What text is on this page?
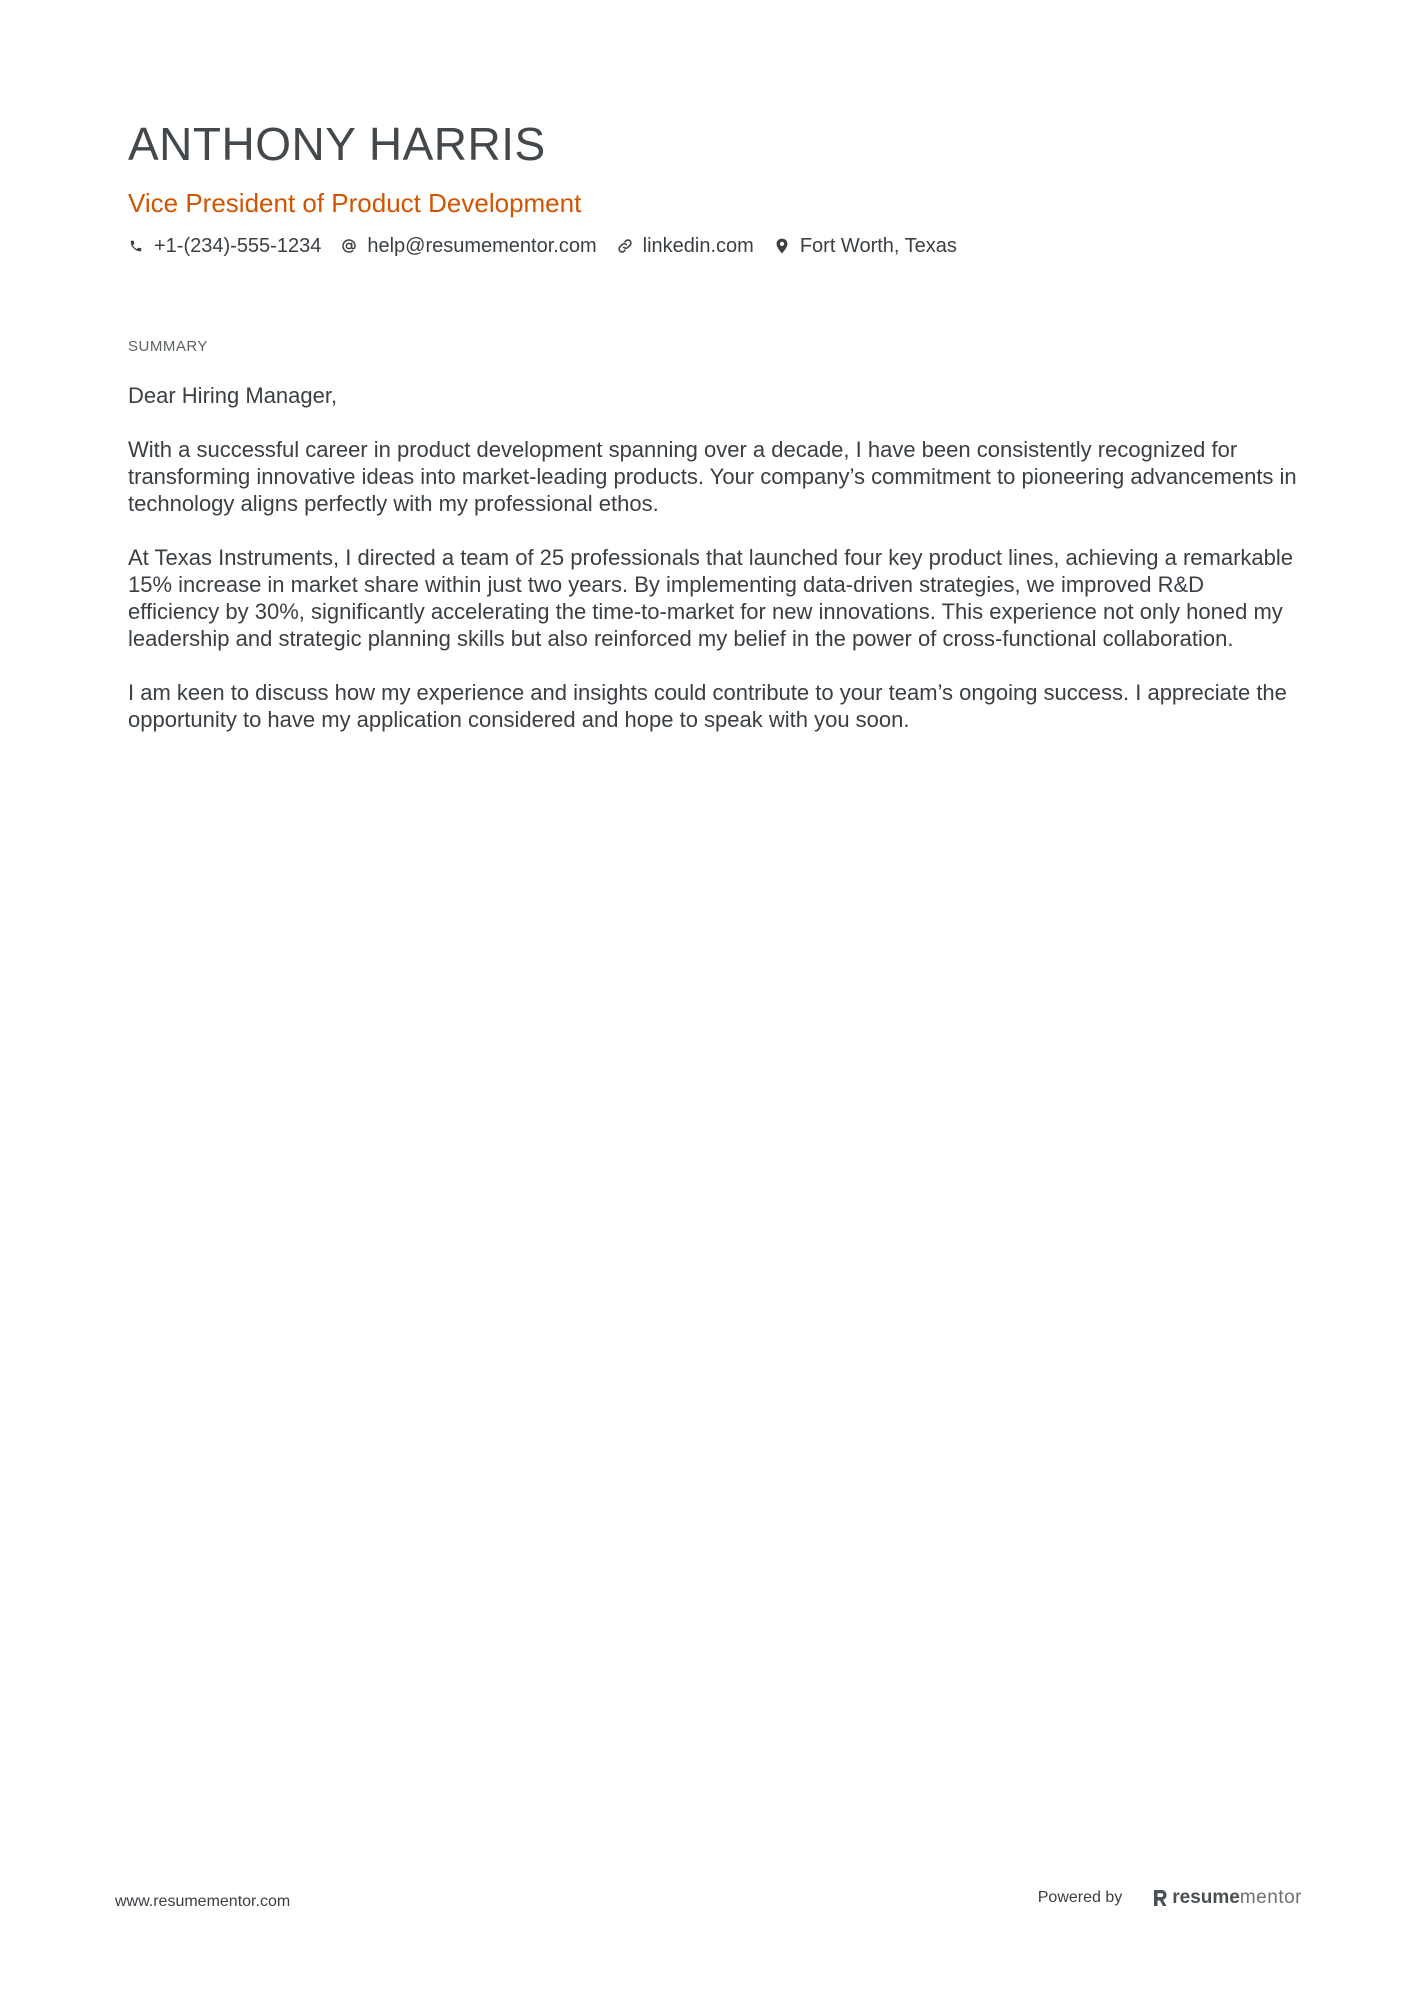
ANTHONY HARRIS
Vice President of Product Development
+1-(234)-555-1234 help@resumementor.com linkedin.com Fort Worth, Texas
SUMMARY

Dear Hiring Manager,

With a successful career in product development spanning over a decade, I have been consistently recognized for transforming innovative ideas into market-leading products. Your company’s commitment to pioneering advancements in technology aligns perfectly with my professional ethos.

At Texas Instruments, I directed a team of 25 professionals that launched four key product lines, achieving a remarkable 15% increase in market share within just two years. By implementing data-driven strategies, we improved R&D efficiency by 30%, significantly accelerating the time-to-market for new innovations. This experience not only honed my leadership and strategic planning skills but also reinforced my belief in the power of cross-functional collaboration.

I am keen to discuss how my experience and insights could contribute to your team’s ongoing success. I appreciate the opportunity to have my application considered and hope to speak with you soon.

www.resumementor.com	Powered by	resume mentor
